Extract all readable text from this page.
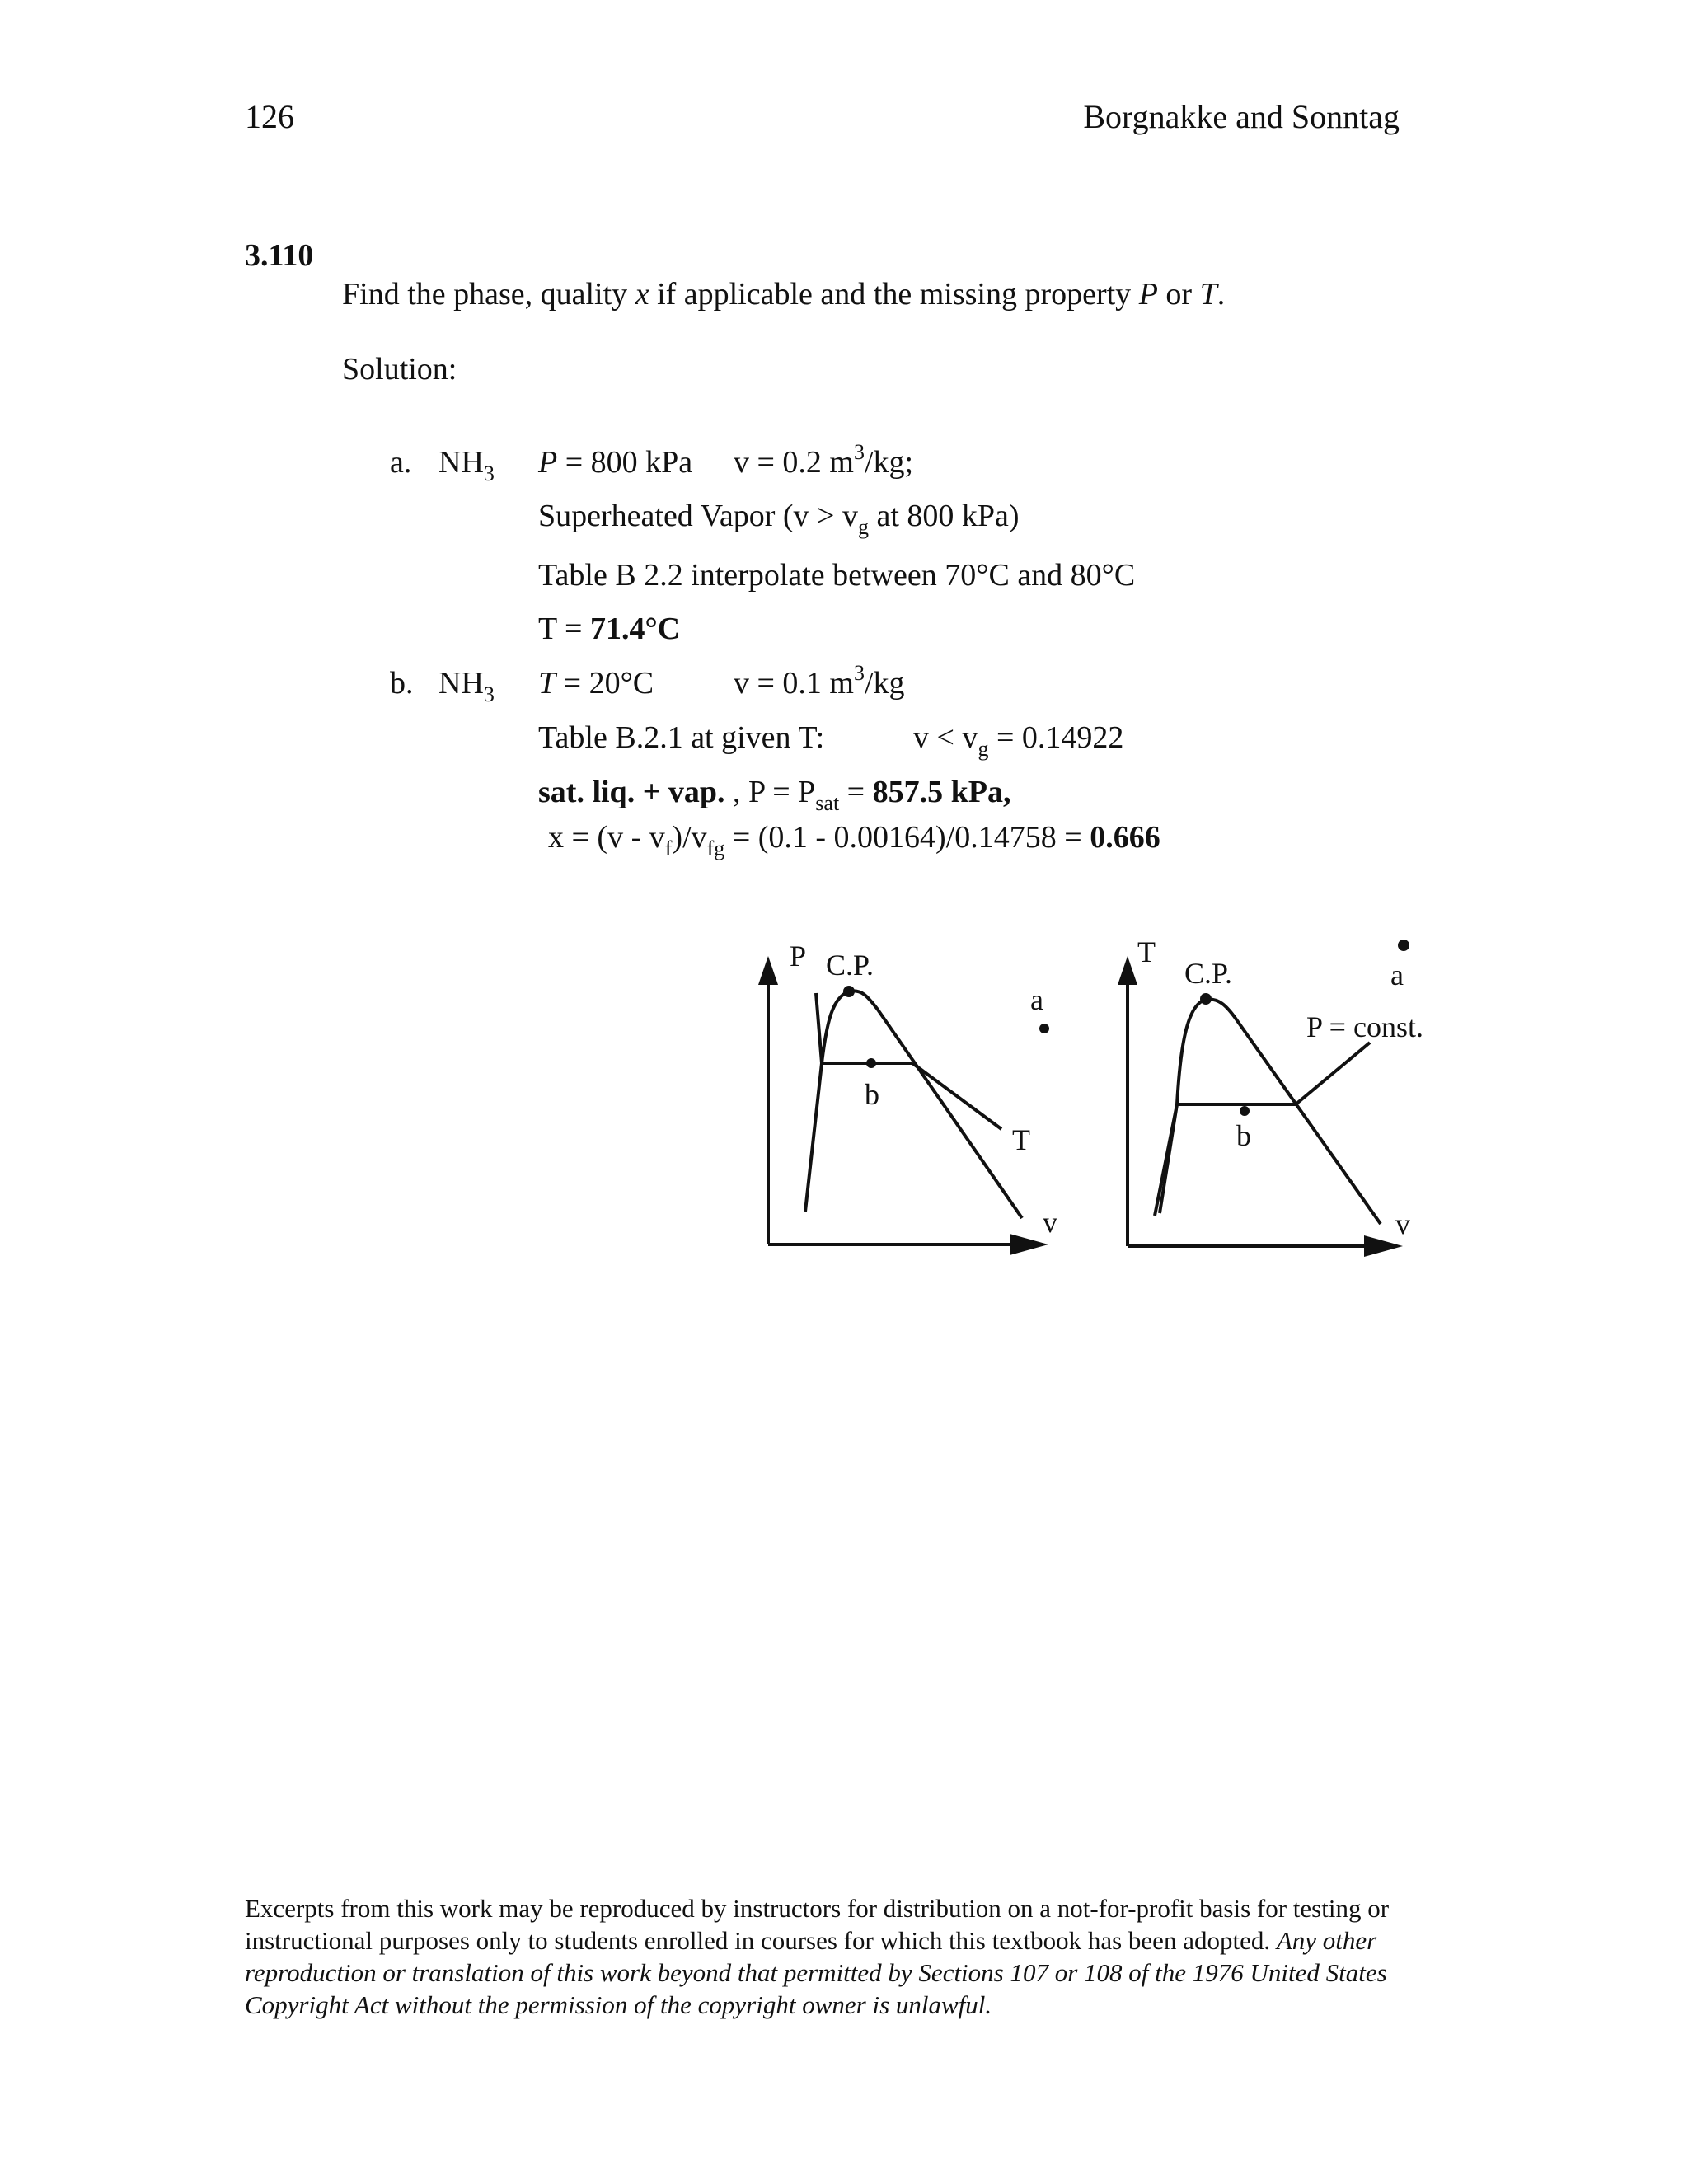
126	Borgnakke and Sonntag
3.110
Find the phase, quality x if applicable and the missing property P or T.
Solution:
a. $NH_3$ P = 800 kPa v = 0.2 $m^3/kg$;
Superheated Vapor ($v > v_g$ at 800 kPa)
Table B 2.2 interpolate between 70°C and 80°C
T = 71.4°C
b. $NH_3$ T = 20°C	v = 0.1 $m^3/kg$
Table B.2.1 at given T:	$v < v_g = 0.14922$
sat. liq. + vap. , $P = P_{sat} = 857.5$ kPa,
$x = (v - v_f)/v_{fg} = (0.1 - 0.00164)/0.14758 = 0.666$
P C.P.
a
b
T
v
T
C.P.	a
b
P = const.
v
Excerpts from this work may be reproduced by instructors for distribution on a not-for-profit basis for testing or instructional purposes only to students enrolled in courses for which this textbook has been adopted. Any other reproduction or translation of this work beyond that permitted by Sections 107 or 108 of the 1976 United States Copyright Act without the permission of the copyright owner is unlawful.
